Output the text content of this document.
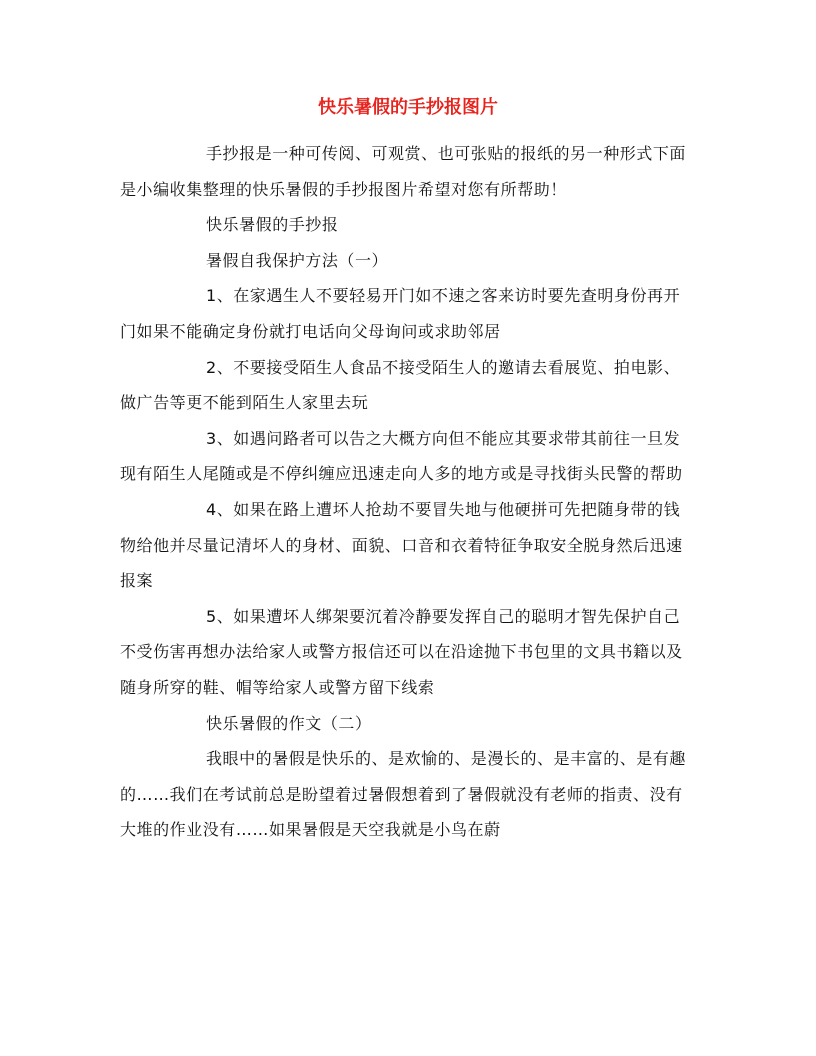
快乐暑假的手抄报图片

手抄报是一种可传阅、可观赏、也可张贴的报纸的另一种形式下面是小编收集整理的快乐暑假的手抄报图片希望对您有所帮助！

快乐暑假的手抄报

暑假自我保护方法（一）

1、在家遇生人不要轻易开门如不速之客来访时要先查明身份再开门如果不能确定身份就打电话向父母询问或求助邻居

2、不要接受陌生人食品不接受陌生人的邀请去看展览、拍电影、做广告等更不能到陌生人家里去玩

3、如遇问路者可以告之大概方向但不能应其要求带其前往一旦发现有陌生人尾随或是不停纠缠应迅速走向人多的地方或是寻找街头民警的帮助

4、如果在路上遭坏人抢劫不要冒失地与他硬拼可先把随身带的钱物给他并尽量记清坏人的身材、面貌、口音和衣着特征争取安全脱身然后迅速报案

5、如果遭坏人绑架要沉着冷静要发挥自己的聪明才智先保护自己不受伤害再想办法给家人或警方报信还可以在沿途抛下书包里的文具书籍以及随身所穿的鞋、帽等给家人或警方留下线索

快乐暑假的作文（二）

我眼中的暑假是快乐的、是欢愉的、是漫长的、是丰富的、是有趣的……我们在考试前总是盼望着过暑假想着到了暑假就没有老师的指责、没有大堆的作业没有……如果暑假是天空我就是小鸟在蔚
